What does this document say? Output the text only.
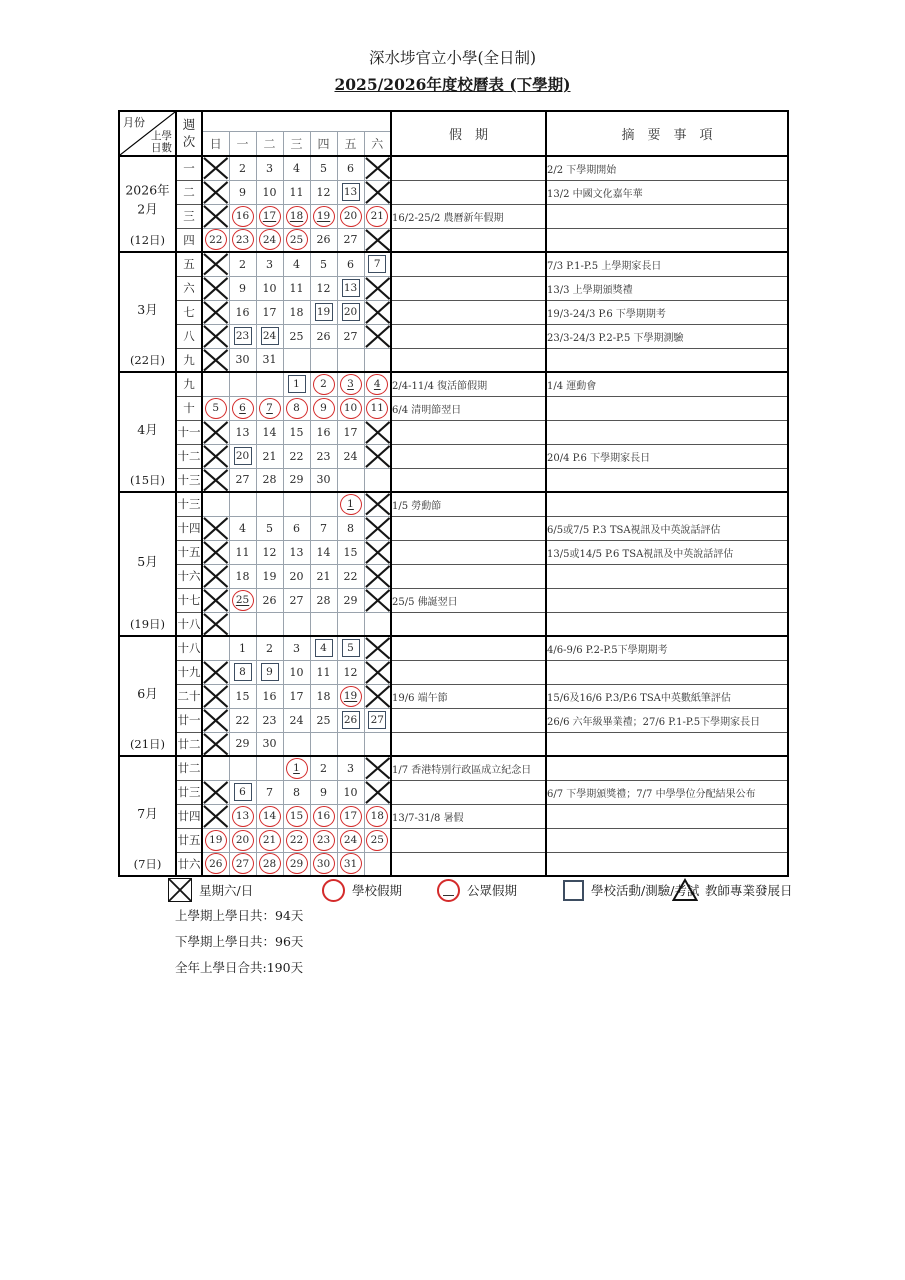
深水埗官立小學(全日制)
2025/2026年度校曆表 (下學期)
月份
上學日數	週次								假　期	摘　要　事　項
		日	一	二	三	四	五	六		

2026年
2月
(12日)	一		2	3	4	5	6			2/2 下學期開始
	二		9	10	11	12	13			13/2 中國文化嘉年華
	三		16	17	18	19	20	21	16/2-25/2 農曆新年假期	
	四	22	23	24	25	26	27	

3月
(22日)	五		2	3	4	5	6	7		7/3 P.1-P.5 上學期家長日
	六		9	10	11	12	13			13/3 上學期頒獎禮
	七		16	17	18	19	20			19/3-24/3 P.6 下學期期考
	八		23	24	25	26	27			23/3-24/3 P.2-P.5 下學期測驗
	九		30	31						

4月
(15日)	九				1	2	3	4	2/4-11/4 復活節假期	1/4 運動會
	十	5	6	7	8	9	10	11	6/4 清明節翌日	
	十一		13	14	15	16	17	

	十二		20	21	22	23	24			20/4 P.6 下學期家長日
	十三		27	28	29	30				

5月
(19日)	十三						1		1/5 勞動節	
	十四		4	5	6	7	8			6/5或7/5 P.3 TSA視訊及中英說話評估
	十五		11	12	13	14	15			13/5或14/5 P.6 TSA視訊及中英說話評估
	十六		18	19	20	21	22	

	十七		25	26	27	28	29		25/5 佛誕翌日	
	十八	

6月
(21日)	十八		1	2	3	4	5			4/6-9/6 P.2-P.5下學期期考
	十九		8	9	10	11	12	

	二十		15	16	17	18	19		19/6 端午節	15/6及16/6 P.3/P.6 TSA中英數紙筆評估
	廿一		22	23	24	25	26	27		26/6 六年級畢業禮；27/6 P.1-P.5下學期家長日
	廿二		29	30						

7月
(7日)	廿二				1	2	3		1/7 香港特別行政區成立紀念日	
	廿三		6	7	8	9	10			6/7 下學期頒獎禮；7/7 中學學位分配結果公布
	廿四		13	14	15	16	17	18	13/7-31/8 暑假	
	廿五	19	20	21	22	23	24	25		

	廿六	26	27	28	29	30	31			

星期六/日	學校假期	公眾假期	學校活動/測驗/考試 教師專業發展日
上學期上學日共：94天
下學期上學日共：96天
全年上學日合共:190天
